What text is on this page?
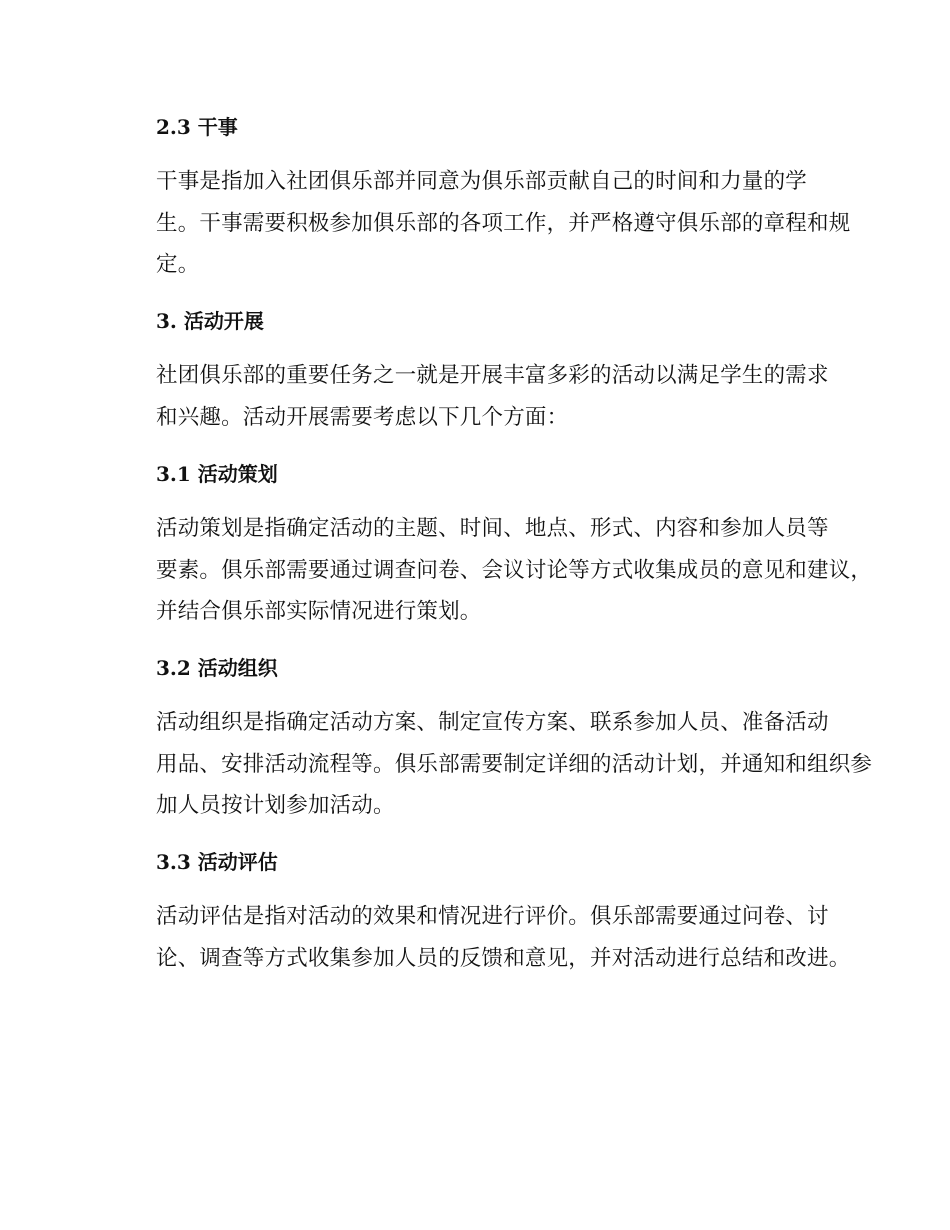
2.3 干事
干事是指加入社团俱乐部并同意为俱乐部贡献自己的时间和力量的学
生。干事需要积极参加俱乐部的各项工作，并严格遵守俱乐部的章程和规
定。
3. 活动开展
社团俱乐部的重要任务之一就是开展丰富多彩的活动以满足学生的需求
和兴趣。活动开展需要考虑以下几个方面：
3.1 活动策划
活动策划是指确定活动的主题、时间、地点、形式、内容和参加人员等
要素。俱乐部需要通过调查问卷、会议讨论等方式收集成员的意见和建议，
并结合俱乐部实际情况进行策划。
3.2 活动组织
活动组织是指确定活动方案、制定宣传方案、联系参加人员、准备活动
用品、安排活动流程等。俱乐部需要制定详细的活动计划，并通知和组织参
加人员按计划参加活动。
3.3 活动评估
活动评估是指对活动的效果和情况进行评价。俱乐部需要通过问卷、讨
论、调查等方式收集参加人员的反馈和意见，并对活动进行总结和改进。
